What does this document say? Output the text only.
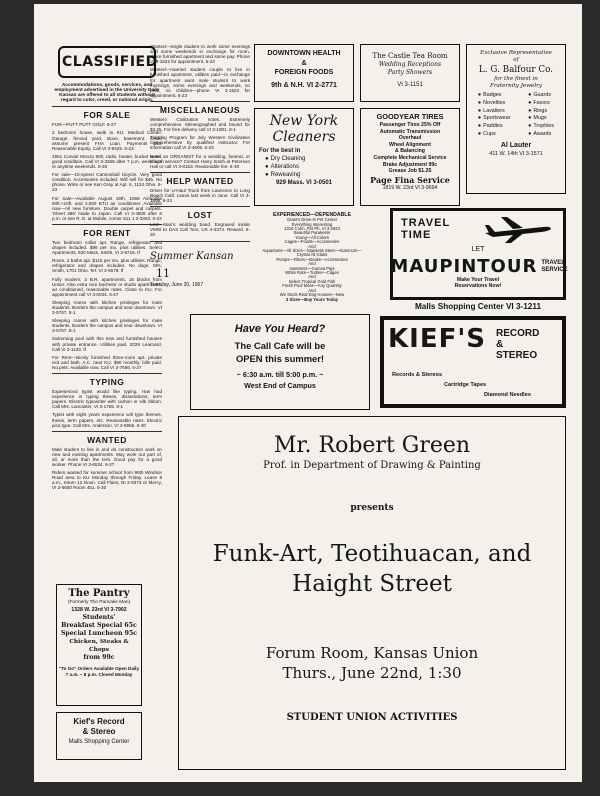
CLASSIFIED
Accommodations, goods, services, and employment advertised in the University Daily Kansan are offered to all students without regard to color, creed, or national origin.
FOR SALE
FUN—PUTT PUTT GOLF. 6-27
2 bedroom house, walk to KU. Medical Center. Garage, fenced yard, stove, basement. Could assume present FHA Loan. Payments $80. Reasonable Equity. Call VI 3-9425. 6-23
1961 Corvair Monza 900, radio, heater, bucket seats, good condition. Call VI 3-3268 after 7 p.m. weekdays or anytime weekends. 6-30
For sale—10-speed Cannonball bicycle. Very good condition. Accessories included. Will sell for $45. No phone. Write or see Ken Gray at Apt. 6, 1124 Ohio. 6-23
For Sale—Available August 19th, 1966 Airmobile 60ft.×10ft. and 2,000 BTU air conditioner. Available now—All new furniture. Double carpet and carpets. 'Sheet 396' made to Japan. Call VI 3-4509 after 6 p.m. or see R. E. at Mobile, corner 611 1 3-3303. 6-23
FOR RENT
Two bedroom collar apt. Range, refrigerator and drapes included. $96 per mo. plus utilities. Select Apartments, 920 Mass. Smith, VI 3-9716. tf
Room, 2 baths apt. $115 per mo. plus utilities. Range, refrigerator and drapes included. No dogs. Mrs. Smith, 1701 Ohio. Tel. VI 3-5578. tf
Fully modern, 3 B.R. apartments, 15 blocks from Union. Also extra nice bachelor or studio apartments, air conditioned, reasonable rates. Close to KU. For appointment call VI 3-6034. 6-27
Sleeping rooms with kitchen privileges for male students. Borders the campus and near downtown. VI 3-5767. 8-1
Sleeping rooms with kitchen privileges for male students. Borders the campus and near downtown. VI 3-5767. 8-1
Swimming pool with this new and furnished houses with private entrance. Utilities paid. 2029 Learnard. Call VI 3-1133. tf
For Rent—Nicely furnished three-room apt. private exit and bath. A.C. near KU. $90 monthly, bills paid. No pets. Available now. Call VI 3-7656. 6-27
TYPING
Experienced typist would like typing. Has had experience in typing theses, dissertations, term papers. Electric typewriter with carbon or silk ribbon. Call Mrs. Lancaster, VI 3-1765. 8-1
Typist with eight years experience will type themes, thesis, term papers, etc. Reasonable rates. Electric pica type. Call Mrs. Anderson, VI 3-6956. 6-30
WANTED
Male student to live in and do construction work on new and existing apartments. May work out part of, all, or more than the rent. Good pay for a good worker. Phone VI 3-6534. 6-27
Riders wanted for summer school from 96th Windsor Road area to KU Monday through Friday. Leave 8 a.m., return 12 Noon. Call Flairs, NI 2-9374 or Mercy, VI 2-6600 Room 451. 6-30
The Pantry
(Formerly The Pancake Man)
1328 W. 23rd VI 3-7902
Students'
Breakfast Special 65c
Special Luncheon 95c
Chicken, Steaks & Chops
from 99c
"To Go" Orders Available Open Daily 7 a.m. – 8 p.m. Closed Monday
Kief's Record
& Stereo
Malls Shopping Center
Wanted—single student to work some evenings and some weekends in exchange for room, share furnished apartment and some pay. Phone VI 3-1522 for appointment. 6-23
Wanted—married student couple to live in furnished apartment, utilities paid—in exchange for apartment want male student to work mornings, some evenings and weekends, no pets, no children—phone VI 3-1522 for appointment. 6-23
MISCELLANEOUS
Western Civilization notes. Extremely comprehensive. Mimeographed and bound for $4.25. For free delivery call VI 3-1901. 8-1
Tutoring Program for July Western Civilization Comprehensive by qualified instructor. For information call VI 3-4605. 6-23
Need an ORGANIST for a wedding, funeral, or church service? Contact Harry Smith at Peterson Hall or call VI 3-8153. Reasonable fee. 6-30
HELP WANTED
Driver for U-Haul Truck from Lawrence to Long Beach Calif. Leave last week in June. Call VI 3-1896. 6-23
LOST
Lost—Man's wedding band. Engraved inside VMW to DAS Call Tom, UX 4-3374. Reward. 6-20
Summer Kansan 11
Tuesday, June 20, 1967
DOWNTOWN HEALTH
&
FOREIGN FOODS
9th & N.H. VI 2-2771
The Castle Tea Room
Wedding Receptions
Party Showers
VI 3-1151
Exclusive Representative
of
L. G. Balfour Co.
for the finest in
Fraternity Jewelry
● Badges
● Novelties
● Lavaliers
● Sportswear
● Paddles
● Cups
● Guards
● Favors
● Rings
● Mugs
● Trophies
● Awards
Al Lauter
411 W. 14th VI 3-1571
New York
Cleaners
For the best in
● Dry Cleaning
● Alterations
● Reweaving
929 Mass. VI 3-0501
GOODYEAR TIRES
Passenger Tires 25% Off
Automatic Transmission
Overhaul
Wheel Alignment
& Balancing
Complete Mechanical Service
Brake Adjustment 99c
Grease Job $1.25
Page Fina Service
1819 W. 23rd VI 3-9694
EXPERIENCED—DEPENDABLE
Grant's Drive-In Pet Center
Everything Interesting
1310 Conn. Pet Ph. VI 3-2923
Beautiful Parakeets
Young—All Colors
Cages—Foods—Accessories
And
Aquariums—All Sizes—Stainless Steel—Aluminum—Crystal All Glass
Pumps—Filters—Books—Accessories
And
Hamsters—Guinea Pigs
White Rats—Turtles—Cages
And
Select Tropical Gold Fish
Fresh Pool Moss—Any Quantity
And
We Stock Real Dog Houses—New
3 Sizes—Buy Yours Today
TRAVEL
TIME
LET
MAUPINTOUR TRAVEL
SERVICE
Make Your Travel
Reservations Now!
Malls Shopping Center VI 3-1211
Have You Heard?
The Call Cafe will be
OPEN this summer!
~ 6:30 a.m. till 5:00 p.m. ~
West End of Campus
KIEF'S RECORD
&
STEREO
Records & Stereos
Cartridge Tapes
Diamond Needles
Mr. Robert Green
Prof. in Department of Drawing & Painting
presents
Funk-Art, Teotihuacan, and
Haight Street
Forum Room, Kansas Union
Thurs., June 22nd, 1:30
STUDENT UNION ACTIVITIES
